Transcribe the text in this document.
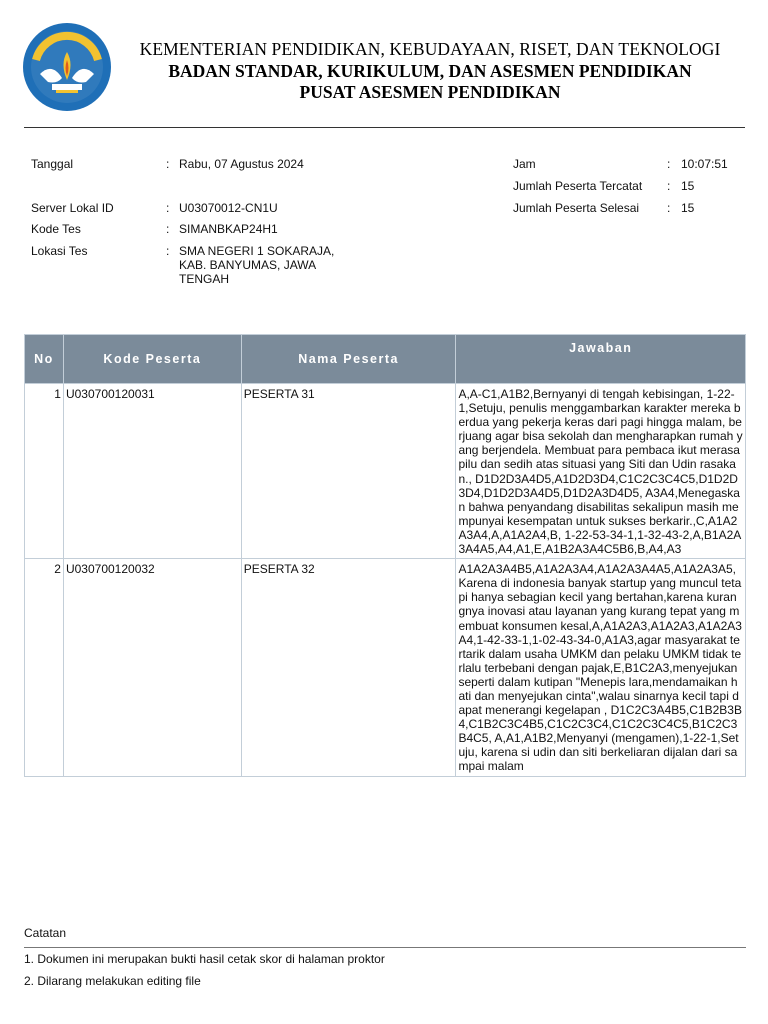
KEMENTERIAN PENDIDIKAN, KEBUDAYAAN, RISET, DAN TEKNOLOGI
BADAN STANDAR, KURIKULUM, DAN ASESMEN PENDIDIKAN
PUSAT ASESMEN PENDIDIKAN
Tanggal	: Rabu, 07 Agustus 2024
Server Lokal ID	: U03070012-CN1U
Kode Tes	: SIMANBKAP24H1
Lokasi Tes	: SMA NEGERI 1 SOKARAJA,
KAB. BANYUMAS, JAWA
TENGAH
Jam	: 10:07:51
Jumlah Peserta Tercatat : 15
Jumlah Peserta Selesai : 15
No	Kode Peserta	Nama Peserta	Jawaban
1	U030700120031	PESERTA 31	A,A-C1,A1B2,Bernyanyi di tengah kebisingan, 1-22-1,Setuju, penulis menggambarkan karakter mereka berdua yang pekerja keras dari pagi hingga malam, berjuang agar bisa sekolah dan mengharapkan rumah yang berjendela. Membuat para pembaca ikut merasa pilu dan sedih atas situasi yang Siti dan Udin rasakan., D1D2D3A4D5,A1D2D3D4,C1C2C3C4C5,D1D2D3D4,D1D2D3A4D5,D1D2A3D4D5, A3A4,Menegaskan bahwa penyandang disabilitas sekalipun masih mempunyai kesempatan untuk sukses berkarir.,C,A1A2A3A4,A,A1A2A4,B, 1-22-53-34-1,1-32-43-2,A,B1A2A3A4A5,A4,A1,E,A1B2A3A4C5B6,B,A4,A3
2	U030700120032	PESERTA 32	A1A2A3A4B5,A1A2A3A4,A1A2A3A4A5,A1A2A3A5, Karena di indonesia banyak startup yang muncul tetapi hanya sebagian kecil yang bertahan,karena kurangnya inovasi atau layanan yang kurang tepat yang membuat konsumen kesal,A,A1A2A3,A1A2A3,A1A2A3A4,1-42-33-1,1-02-43-34-0,A1A3,agar masyarakat tertarik dalam usaha UMKM dan pelaku UMKM tidak terlalu terbebani dengan pajak,E,B1C2A3,menyejukan seperti dalam kutipan "Menepis lara,mendamaikan hati dan menyejukan cinta",walau sinarnya kecil tapi dapat menerangi kegelapan , D1C2C3A4B5,C1B2B3B4,C1B2C3C4B5,C1C2C3C4,C1C2C3C4C5,B1C2C3B4C5, A,A1,A1B2,Menyanyi (mengamen),1-22-1,Setuju, karena si udin dan siti berkeliaran dijalan dari sampai malam
Catatan
1. Dokumen ini merupakan bukti hasil cetak skor di halaman proktor
2. Dilarang melakukan editing file
